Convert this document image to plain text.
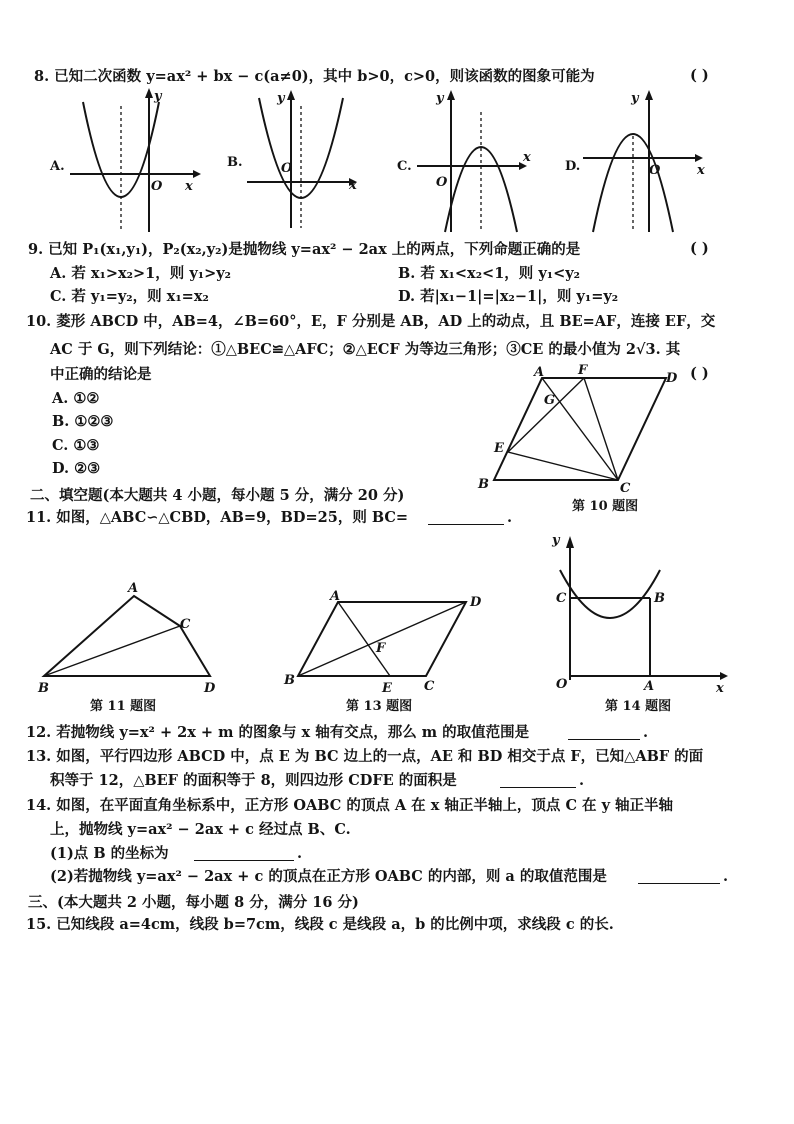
8. 已知二次函数 y=ax² + bx − c(a≠0)，其中 b>0，c>0，则该函数的图象可能为	( )
A.
x
y
O
B.
x
y
O	C.
x
y
O
D.	x
y
O
9. 已知 P₁(x₁,y₁)，P₂(x₂,y₂)是抛物线 y=ax² − 2ax 上的两点，下列命题正确的是	( )
A. 若 x₁>x₂>1，则 y₁>y₂	B. 若 x₁<x₂<1，则 y₁<y₂
C. 若 y₁=y₂，则 x₁=x₂	D. 若|x₁−1|=|x₂−1|，则 y₁=y₂
10. 菱形 ABCD 中，AB=4，∠B=60°，E，F 分别是 AB，AD 上的动点，且 BE=AF，连接 EF，交
AC 于 G，则下列结论：①△BEC≌△AFC；②△ECF 为等边三角形；③CE 的最小值为 2√3. 其
中正确的结论是	( )
A. ①②
B. ①②③
C. ①③
D. ②③
A	F
D
G
E
B	C
第 10 题图
二、填空题(本大题共 4 小题，每小题 5 分，满分 20 分)
11. 如图，△ABC∽△CBD，AB=9，BD=25，则 BC=	.
A
C
B	D
第 11 题图
A	D
F
B
E C
第 13 题图
x
y
O
C	B
A
第 14 题图
12. 若抛物线 y=x² + 2x + m 的图象与 x 轴有交点，那么 m 的取值范围是	.
13. 如图，平行四边形 ABCD 中，点 E 为 BC 边上的一点，AE 和 BD 相交于点 F，已知△ABF 的面
积等于 12，△BEF 的面积等于 8，则四边形 CDFE 的面积是	.
14. 如图，在平面直角坐标系中，正方形 OABC 的顶点 A 在 x 轴正半轴上，顶点 C 在 y 轴正半轴
上，抛物线 y=ax² − 2ax + c 经过点 B、C.
(1)点 B 的坐标为	.
(2)若抛物线 y=ax² − 2ax + c 的顶点在正方形 OABC 的内部，则 a 的取值范围是	.
三、(本大题共 2 小题，每小题 8 分，满分 16 分)
15. 已知线段 a=4cm，线段 b=7cm，线段 c 是线段 a，b 的比例中项，求线段 c 的长.
